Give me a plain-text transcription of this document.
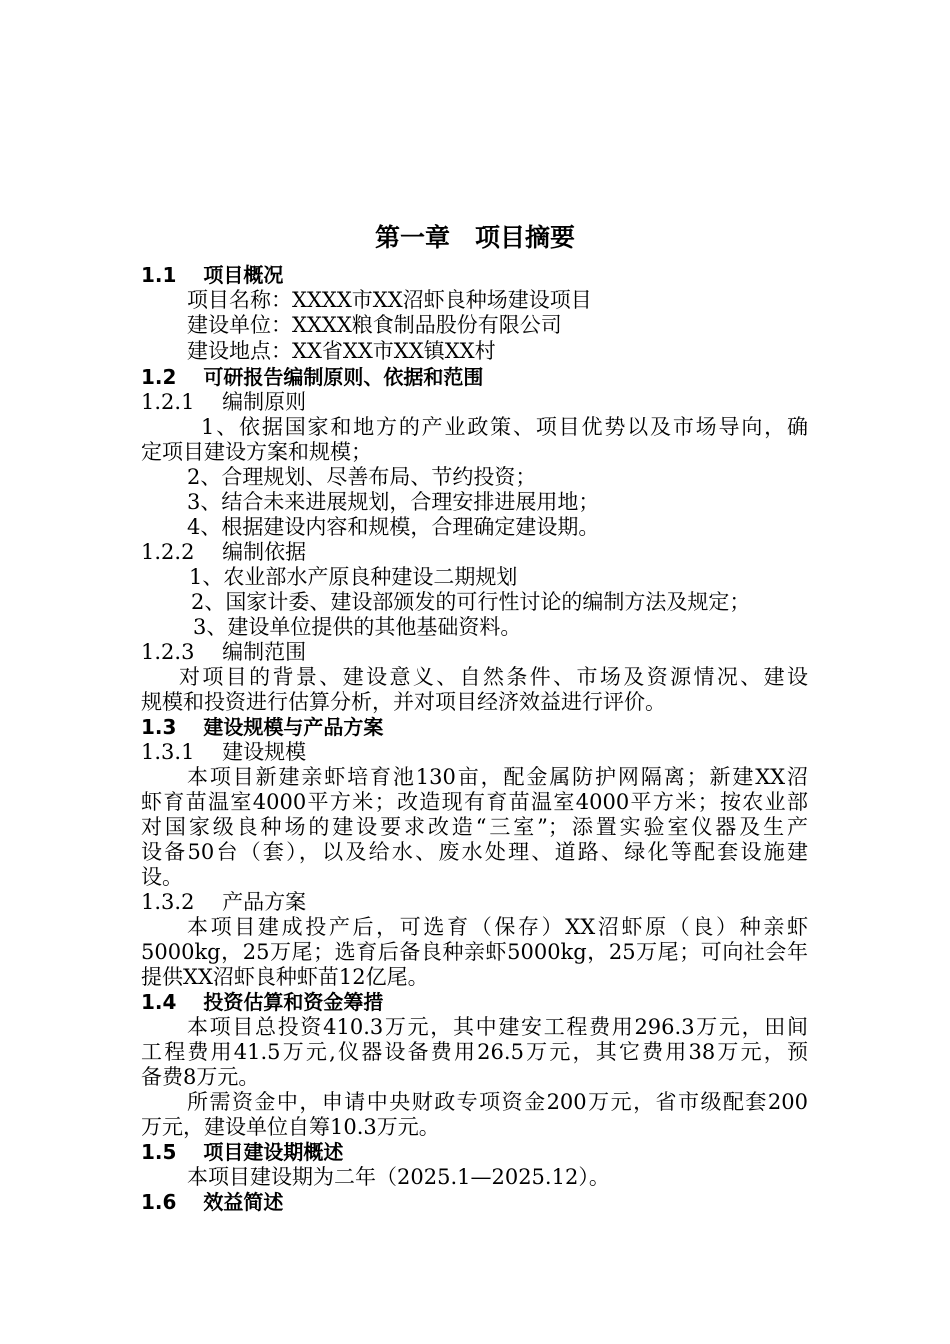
第一章　项目摘要
1.1　 项目概况
项目名称：XXXX市XX沼虾良种场建设项目
建设单位：XXXX粮食制品股份有限公司
建设地点：XX省XX市XX镇XX村
1.2　 可研报告编制原则、依据和范围
1.2.1　 编制原则
1、依据国家和地方的产业政策、项目优势以及市场导向，确
定项目建设方案和规模；
2、合理规划、尽善布局、节约投资；
3、结合未来进展规划，合理安排进展用地；
4、根据建设内容和规模，合理确定建设期。
1.2.2　 编制依据
1、农业部水产原良种建设二期规划
2、国家计委、建设部颁发的可行性讨论的编制方法及规定；
3、建设单位提供的其他基础资料。
1.2.3　 编制范围
对项目的背景、建设意义、自然条件、市场及资源情况、建设
规模和投资进行估算分析，并对项目经济效益进行评价。
1.3　 建设规模与产品方案
1.3.1　 建设规模
本项目新建亲虾培育池130亩，配金属防护网隔离；新建XX沼
虾育苗温室4000平方米；改造现有育苗温室4000平方米；按农业部
对国家级良种场的建设要求改造“三室”；添置实验室仪器及生产
设备50台（套），以及给水、废水处理、道路、绿化等配套设施建
设。
1.3.2　 产品方案
本项目建成投产后，可选育（保存）XX沼虾原（良）种亲虾
5000kg，25万尾；选育后备良种亲虾5000kg，25万尾；可向社会年
提供XX沼虾良种虾苗12亿尾。
1.4　 投资估算和资金筹措
本项目总投资410.3万元，其中建安工程费用296.3万元，田间
工程费用41.5万元,仪器设备费用26.5万元，其它费用38万元，预
备费8万元。
所需资金中，申请中央财政专项资金200万元，省市级配套200
万元，建设单位自筹10.3万元。
1.5　 项目建设期概述
本项目建设期为二年（2025.1—2025.12）。
1.6　 效益简述
